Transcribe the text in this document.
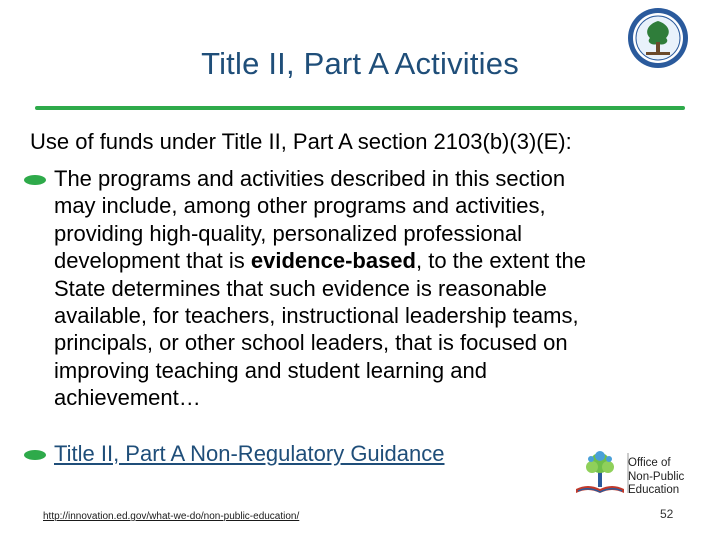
Title II, Part A Activities
Use of funds under Title II, Part A section 2103(b)(3)(E):
The programs and activities described in this section
may include, among other programs and activities,
providing high-quality, personalized professional
development that is evidence-based, to the extent the
State determines that such evidence is reasonable
available, for teachers, instructional leadership teams,
principals, or other school leaders, that is focused on
improving teaching and student learning and
achievement…
Title II, Part A Non-Regulatory Guidance	Office of
Non-Public
Education
http://innovation.ed.gov/what-we-do/non-public-education/	52
